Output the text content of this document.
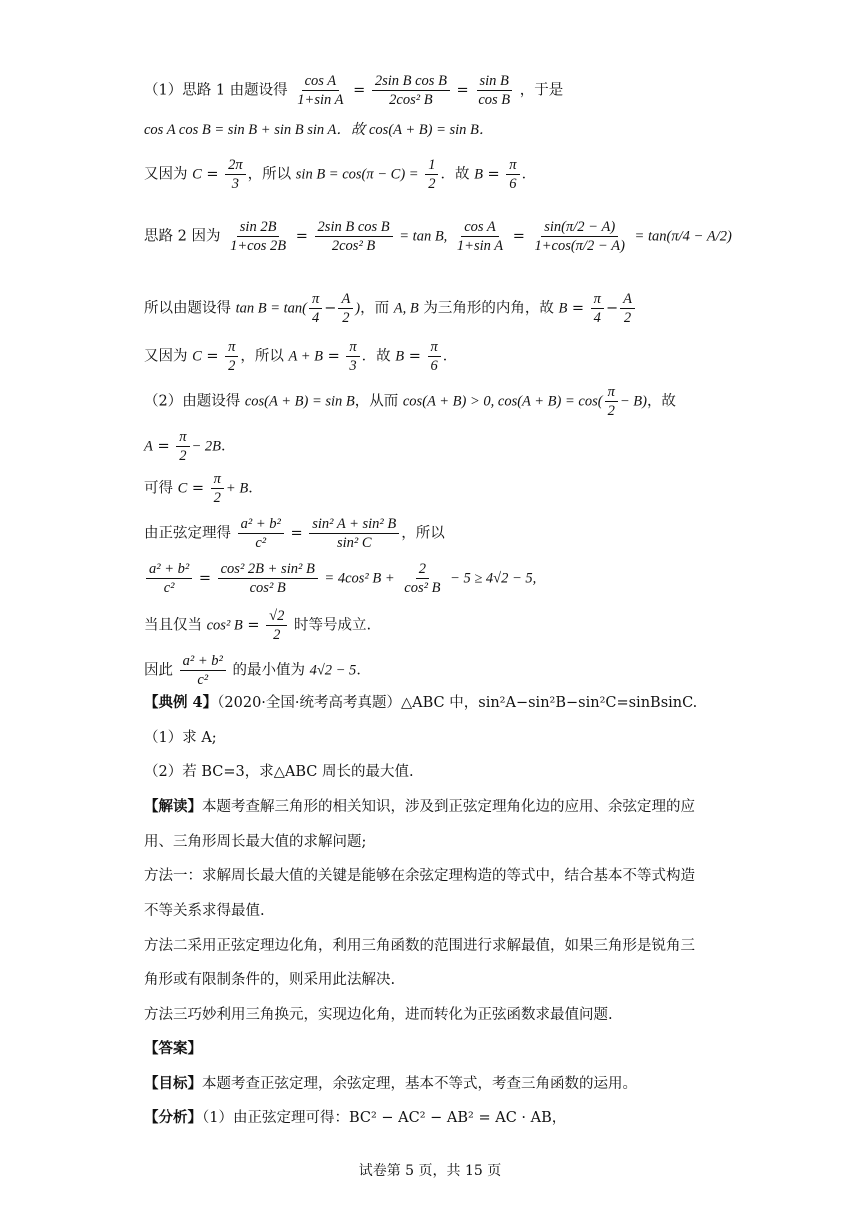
（1）思路 1 由题设得 $\frac{\text{cos A}}{\text{1+sin A}} = \frac{\text{2sin B cos B}}{\text{2cos² B}} = \frac{\text{sin B}}{\text{cos B}}$ ，于是
cos A cos B = sin B + sin B sin A．故 cos(A + B) = sin B．
又因为 $C = \frac{2\pi}{3}$ ，所以 $\sin B = \cos(\pi - C) = \frac{1}{2}$ ．故 $B = \frac{\pi}{6}$ ．
思路 2 因为 $\frac{\sin 2B}{1+\cos 2B} = \frac{\text{2sin B cos B}}{\text{2cos² B}} = \tan B$, $\frac{\text{cos A}}{\text{1+sin A}} = \frac{\sin(\pi/2 - A)}{1+\cos(\pi/2 - A)} = \tan(\pi/4 - A/2)$
所以由题设得 $\tan B = \tan( \frac{\pi}{4} - \frac{A}{2}$ )，而 A, B 为三角形的内角，故 $B = \frac{\pi}{4} - \frac{A}{2}$
又因为 $C = \frac{\pi}{2}$ ，所以 $A + B = \frac{\pi}{3}$ ．故 $B = \frac{\pi}{6}$ ．
（2）由题设得 cos(A + B) = sin B，从而 cos(A + B) > 0, $\cos(A + B) = \cos( \frac{\pi}{2} - B)$，故
$A = \frac{\pi}{2} - 2B$．
可得 $C = \frac{\pi}{2} + B$．
由正弦定理得 $\frac{\text{a² + b²}}{\text{c²}} = \frac{\text{sin² A + sin² B}}{\text{sin² C}}$ ，所以
$\frac{\text{a² + b²}}{\text{c²}} = \frac{\text{cos² 2B + sin² B}}{\text{cos² B}} = 4\cos^2$ $B + \frac{2}{\text{cos² B}} - 5 \ge 4√2 - 5$,
当且仅当 cos² $B = \frac{√2}{2}$ 时等号成立.
因此 $\frac{\text{a² + b²}}{\text{c²}}$ 的最小值为 4√2 − 5．
【典例 4】（2020·全国·统考高考真题）△ABC 中，sin²A−sin²B−sin²C=sinBsinC.
（1）求 A;
（2）若 BC=3，求△ABC 周长的最大值.
【解读】本题考查解三角形的相关知识，涉及到正弦定理角化边的应用、余弦定理的应
用、三角形周长最大值的求解问题;
方法一：求解周长最大值的关键是能够在余弦定理构造的等式中，结合基本不等式构造
不等关系求得最值.
方法二采用正弦定理边化角，利用三角函数的范围进行求解最值，如果三角形是锐角三
角形或有限制条件的，则采用此法解决.
方法三巧妙利用三角换元，实现边化角，进而转化为正弦函数求最值问题.
【答案】
【目标】本题考查正弦定理，余弦定理，基本不等式，考查三角函数的运用。
【分析】（1）由正弦定理可得：BC² − AC² − AB² = AC · AB，
试卷第 5 页，共 15 页
